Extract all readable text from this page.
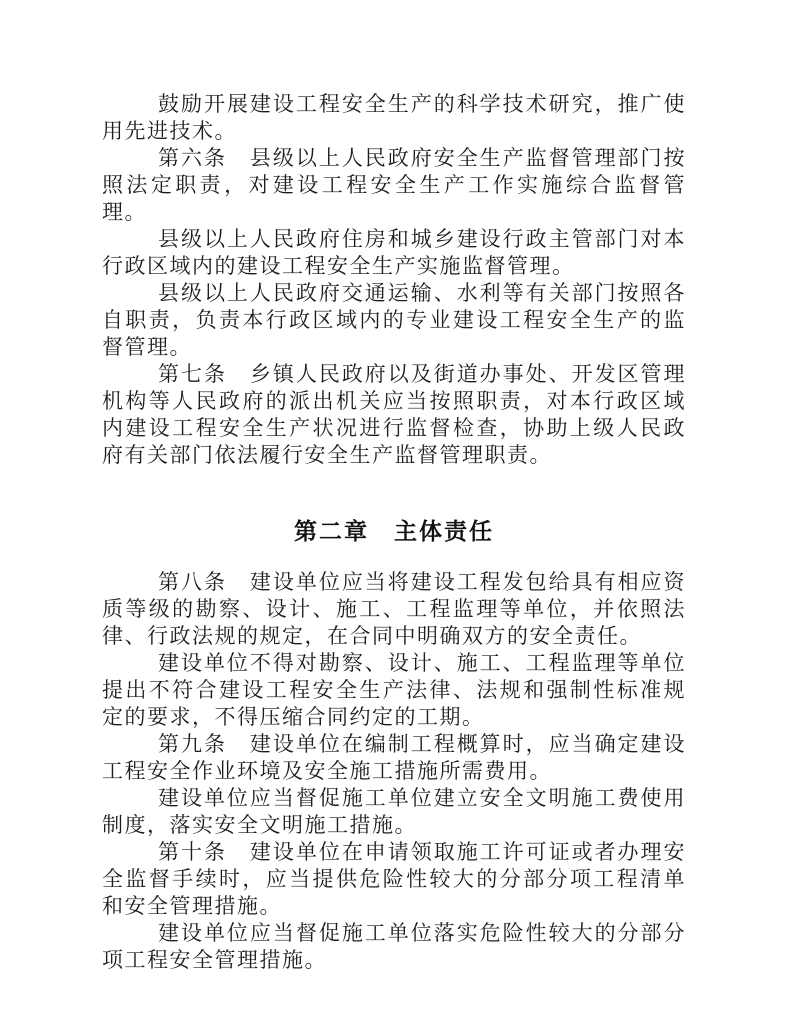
鼓励开展建设工程安全生产的科学技术研究，推广使用先进技术。

第六条　县级以上人民政府安全生产监督管理部门按照法定职责，对建设工程安全生产工作实施综合监督管理。

县级以上人民政府住房和城乡建设行政主管部门对本行政区域内的建设工程安全生产实施监督管理。

县级以上人民政府交通运输、水利等有关部门按照各自职责，负责本行政区域内的专业建设工程安全生产的监督管理。

第七条　乡镇人民政府以及街道办事处、开发区管理机构等人民政府的派出机关应当按照职责，对本行政区域内建设工程安全生产状况进行监督检查，协助上级人民政府有关部门依法履行安全生产监督管理职责。

第二章　主体责任

第八条　建设单位应当将建设工程发包给具有相应资质等级的勘察、设计、施工、工程监理等单位，并依照法律、行政法规的规定，在合同中明确双方的安全责任。

建设单位不得对勘察、设计、施工、工程监理等单位提出不符合建设工程安全生产法律、法规和强制性标准规定的要求，不得压缩合同约定的工期。

第九条　建设单位在编制工程概算时，应当确定建设工程安全作业环境及安全施工措施所需费用。

建设单位应当督促施工单位建立安全文明施工费使用制度，落实安全文明施工措施。

第十条　建设单位在申请领取施工许可证或者办理安全监督手续时，应当提供危险性较大的分部分项工程清单和安全管理措施。

建设单位应当督促施工单位落实危险性较大的分部分项工程安全管理措施。
